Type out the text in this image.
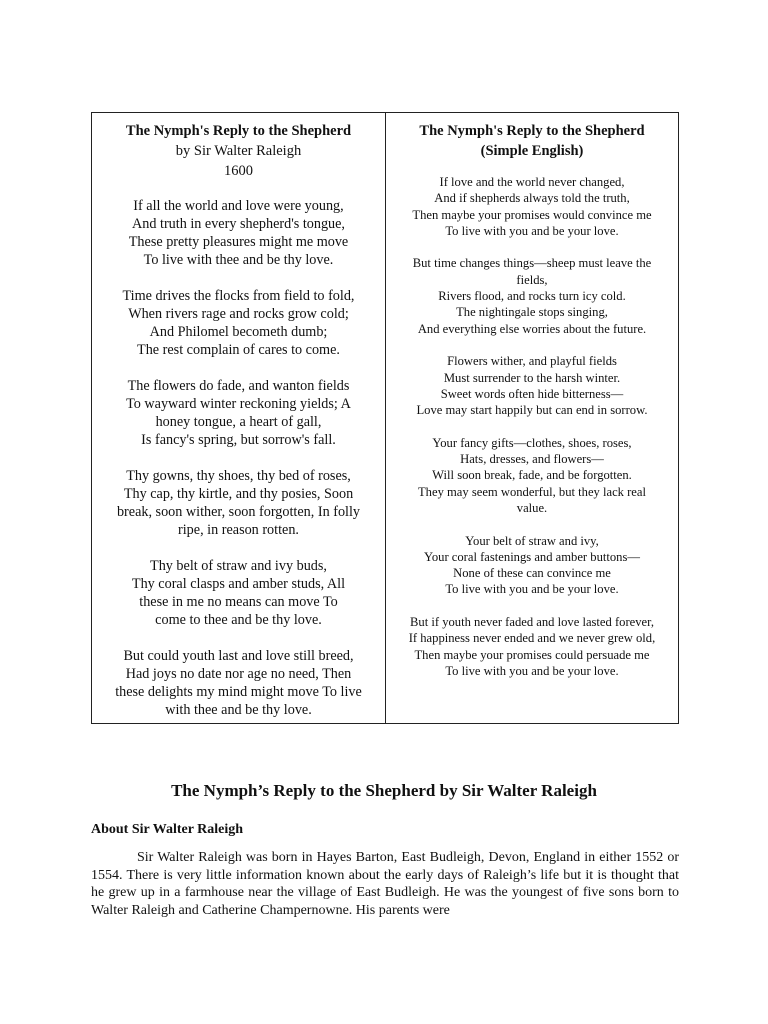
The Nymph's Reply to the Shepherd
by Sir Walter Raleigh
1600
If all the world and love were young,
And truth in every shepherd's tongue,
These pretty pleasures might me move
To live with thee and be thy love.
Time drives the flocks from field to fold,
When rivers rage and rocks grow cold;
And Philomel becometh dumb;
The rest complain of cares to come.
The flowers do fade, and wanton fields
To wayward winter reckoning yields; A
honey tongue, a heart of gall,
Is fancy's spring, but sorrow's fall.
Thy gowns, thy shoes, thy bed of roses,
Thy cap, thy kirtle, and thy posies, Soon
break, soon wither, soon forgotten, In folly
ripe, in reason rotten.
Thy belt of straw and ivy buds,
Thy coral clasps and amber studs, All
these in me no means can move To
come to thee and be thy love.
But could youth last and love still breed,
Had joys no date nor age no need, Then
these delights my mind might move To live
with thee and be thy love.
The Nymph's Reply to the Shepherd
(Simple English)
If love and the world never changed,
And if shepherds always told the truth,
Then maybe your promises would convince me
To live with you and be your love.
But time changes things—sheep must leave the
fields,
Rivers flood, and rocks turn icy cold.
The nightingale stops singing,
And everything else worries about the future.
Flowers wither, and playful fields
Must surrender to the harsh winter.
Sweet words often hide bitterness—
Love may start happily but can end in sorrow.
Your fancy gifts—clothes, shoes, roses,
Hats, dresses, and flowers—
Will soon break, fade, and be forgotten.
They may seem wonderful, but they lack real
value.
Your belt of straw and ivy,
Your coral fastenings and amber buttons—
None of these can convince me
To live with you and be your love.
But if youth never faded and love lasted forever,
If happiness never ended and we never grew old,
Then maybe your promises could persuade me
To live with you and be your love.
The Nymph’s Reply to the Shepherd by Sir Walter Raleigh
About Sir Walter Raleigh
Sir Walter Raleigh was born in Hayes Barton, East Budleigh, Devon, England in either 1552 or 1554. There is very little information known about the early days of Raleigh’s life but it is thought that he grew up in a farmhouse near the village of East Budleigh. He was the youngest of five sons born to Walter Raleigh and Catherine Champernowne. His parents were
